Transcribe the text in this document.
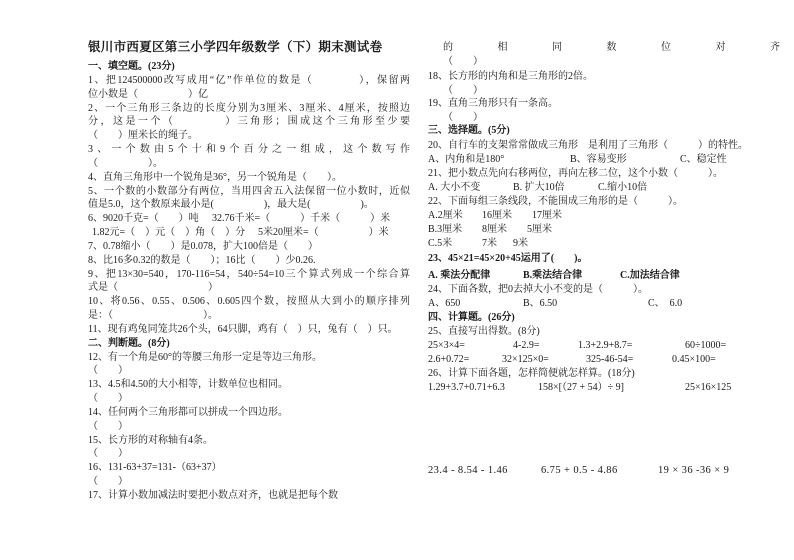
银川市西夏区第三小学四年级数学（下）期末测试卷
一、填空题。(23分)
1、把124500000改写成用“亿”作单位的数是（　　　　），保留两
位小数是（　　　　　）亿
2、一个三角形三条边的长度分别为3厘米、3厘米、4厘米，按照边
分，这是一个（　　　　）三角形；围成这个三角形至少要
（　　）厘米长的绳子。
3、一个数由5个十和9个百分之一组成，这个数写作
（　　　　　）。
4、直角三角形中一个锐角是36°，另一个锐角是（　　）。
5、一个数的小数部分有两位，当用四舍五入法保留一位小数时，近似
值是5.0，这个数原来最小是(　　　　　)，最大是(　　　　　)。
6、9020千克=（　　）吨 32.76千米=（　　　）千米（　　　）米
1.82元=（　）元（　）角（　）分 5米20厘米=（　　　　　）米
7、0.78缩小（　　）是0.078，扩大100倍是（　　）
8、比16多0.32的数是（　　）；16比（　　）少0.26.
9、把13×30=540，170-116=54，540÷54=10三个算式列成一个综合算
式是（　　　　　　　　　）
10、将0.56、0.55、0.506、0.605四个数，按照从大到小的顺序排列
是：（　　　　　　　　　）。
11、现有鸡兔同笼共26个头，64只脚，鸡有（　）只，兔有（　）只。
二、判断题。(8分)
12、有一个角是60°的等腰三角形一定是等边三角形。
（　　）
13、4.5和4.50的大小相等，计数单位也相同。
（　　）
14、任何两个三角形都可以拼成一个四边形。
（　　）
15、长方形的对称轴有4条。
（　　）
16、131-63+37=131-（63+37）
（　　）
17、计算小数加减法时要把小数点对齐，也就是把每个数
的 相 同 数 位 对 齐
（　　）
18、长方形的内角和是三角形的2倍。
（　　）
19、直角三角形只有一条高。
（　　）
三、选择题。(5分)
20、自行车的支架常常做成三角形　是利用了三角形（　　　）的特性。
A、内角和是180°	B、容易变形	C、稳定性
21、把小数点先向右移两位，再向左移二位，这个小数（　　　）。
A. 大小不变	B. 扩大10倍	C.缩小10倍
22、下面每组三条线段，不能围成三角形的是（　　　）。
A.2厘米 16厘米 17厘米
B.3厘米 8厘米 5厘米
C.5米	7米 9米
23、45×21=45×20+45运用了(　　)。
A. 乘法分配律	B.乘法结合律	C.加法结合律
24、下面各数，把0去掉大小不变的是（　　　）。
A、650	B、6.50	C、　6.0
四、计算题。(26分)
25、直接写出得数。(8分)
25×3×4=	4-2.9=	1.3+2.9+8.7=	60÷1000=
2.6+0.72=	32×125×0=	325-46-54=	0.45×100=
26、计算下面各题，怎样简便就怎样算。(18分)
1.29+3.7+0.71+6.3	158×[（27 + 54）÷ 9]	25×16×125
23.4 - 8.54 - 1.46	6.75 + 0.5 - 4.86	19 × 36 -36 × 9
